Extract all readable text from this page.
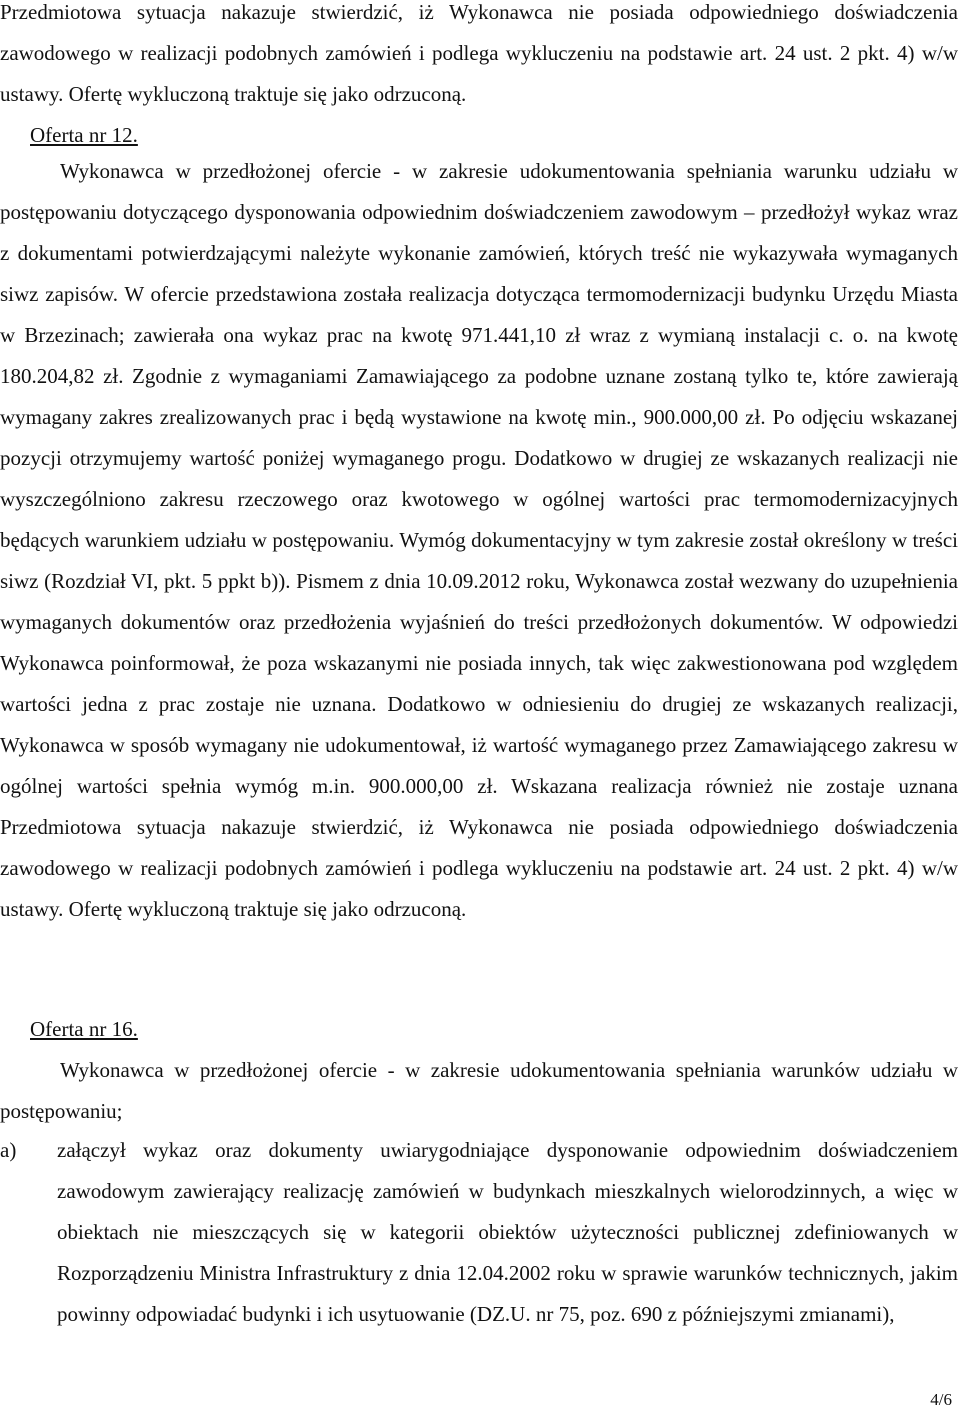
Przedmiotowa sytuacja nakazuje stwierdzić, iż Wykonawca nie posiada odpowiedniego doświadczenia zawodowego w realizacji podobnych zamówień i podlega wykluczeniu na podstawie art. 24 ust. 2 pkt. 4) w/w ustawy. Ofertę wykluczoną traktuje się jako odrzuconą.

Oferta nr 12.

Wykonawca w przedłożonej ofercie - w zakresie udokumentowania spełniania warunku udziału w postępowaniu dotyczącego dysponowania odpowiednim doświadczeniem zawodowym – przedłożył wykaz wraz z dokumentami potwierdzającymi należyte wykonanie zamówień, których treść nie wykazywała wymaganych siwz zapisów. W ofercie przedstawiona została realizacja dotycząca termomodernizacji budynku Urzędu Miasta w Brzezinach; zawierała ona wykaz prac na kwotę 971.441,10 zł wraz z wymianą instalacji c. o. na kwotę 180.204,82 zł. Zgodnie z wymaganiami Zamawiającego za podobne uznane zostaną tylko te, które zawierają wymagany zakres zrealizowanych prac i będą wystawione na kwotę min., 900.000,00 zł. Po odjęciu wskazanej pozycji otrzymujemy wartość poniżej wymaganego progu. Dodatkowo w drugiej ze wskazanych realizacji nie wyszczególniono zakresu rzeczowego oraz kwotowego w ogólnej wartości prac termomodernizacyjnych będących warunkiem udziału w postępowaniu. Wymóg dokumentacyjny w tym zakresie został określony w treści siwz (Rozdział VI, pkt. 5 ppkt b)). Pismem z dnia 10.09.2012 roku, Wykonawca został wezwany do uzupełnienia wymaganych dokumentów oraz przedłożenia wyjaśnień do treści przedłożonych dokumentów. W odpowiedzi Wykonawca poinformował, że poza wskazanymi nie posiada innych, tak więc zakwestionowana pod względem wartości jedna z prac zostaje nie uznana. Dodatkowo w odniesieniu do drugiej ze wskazanych realizacji, Wykonawca w sposób wymagany nie udokumentował, iż wartość wymaganego przez Zamawiającego zakresu w ogólnej wartości spełnia wymóg m.in. 900.000,00 zł. Wskazana realizacja również nie zostaje uznana Przedmiotowa sytuacja nakazuje stwierdzić, iż Wykonawca nie posiada odpowiedniego doświadczenia zawodowego w realizacji podobnych zamówień i podlega wykluczeniu na podstawie art. 24 ust. 2 pkt. 4) w/w ustawy. Ofertę wykluczoną traktuje się jako odrzuconą.

Oferta nr 16.

Wykonawca w przedłożonej ofercie - w zakresie udokumentowania spełniania warunków udziału w postępowaniu;

a) załączył wykaz oraz dokumenty uwiarygodniające dysponowanie odpowiednim doświadczeniem zawodowym zawierający realizację zamówień w budynkach mieszkalnych wielorodzinnych, a więc w obiektach nie mieszczących się w kategorii obiektów użyteczności publicznej zdefiniowanych w Rozporządzeniu Ministra Infrastruktury z dnia 12.04.2002 roku w sprawie warunków technicznych, jakim powinny odpowiadać budynki i ich usytuowanie (DZ.U. nr 75, poz. 690 z późniejszymi zmianami),

4/6
